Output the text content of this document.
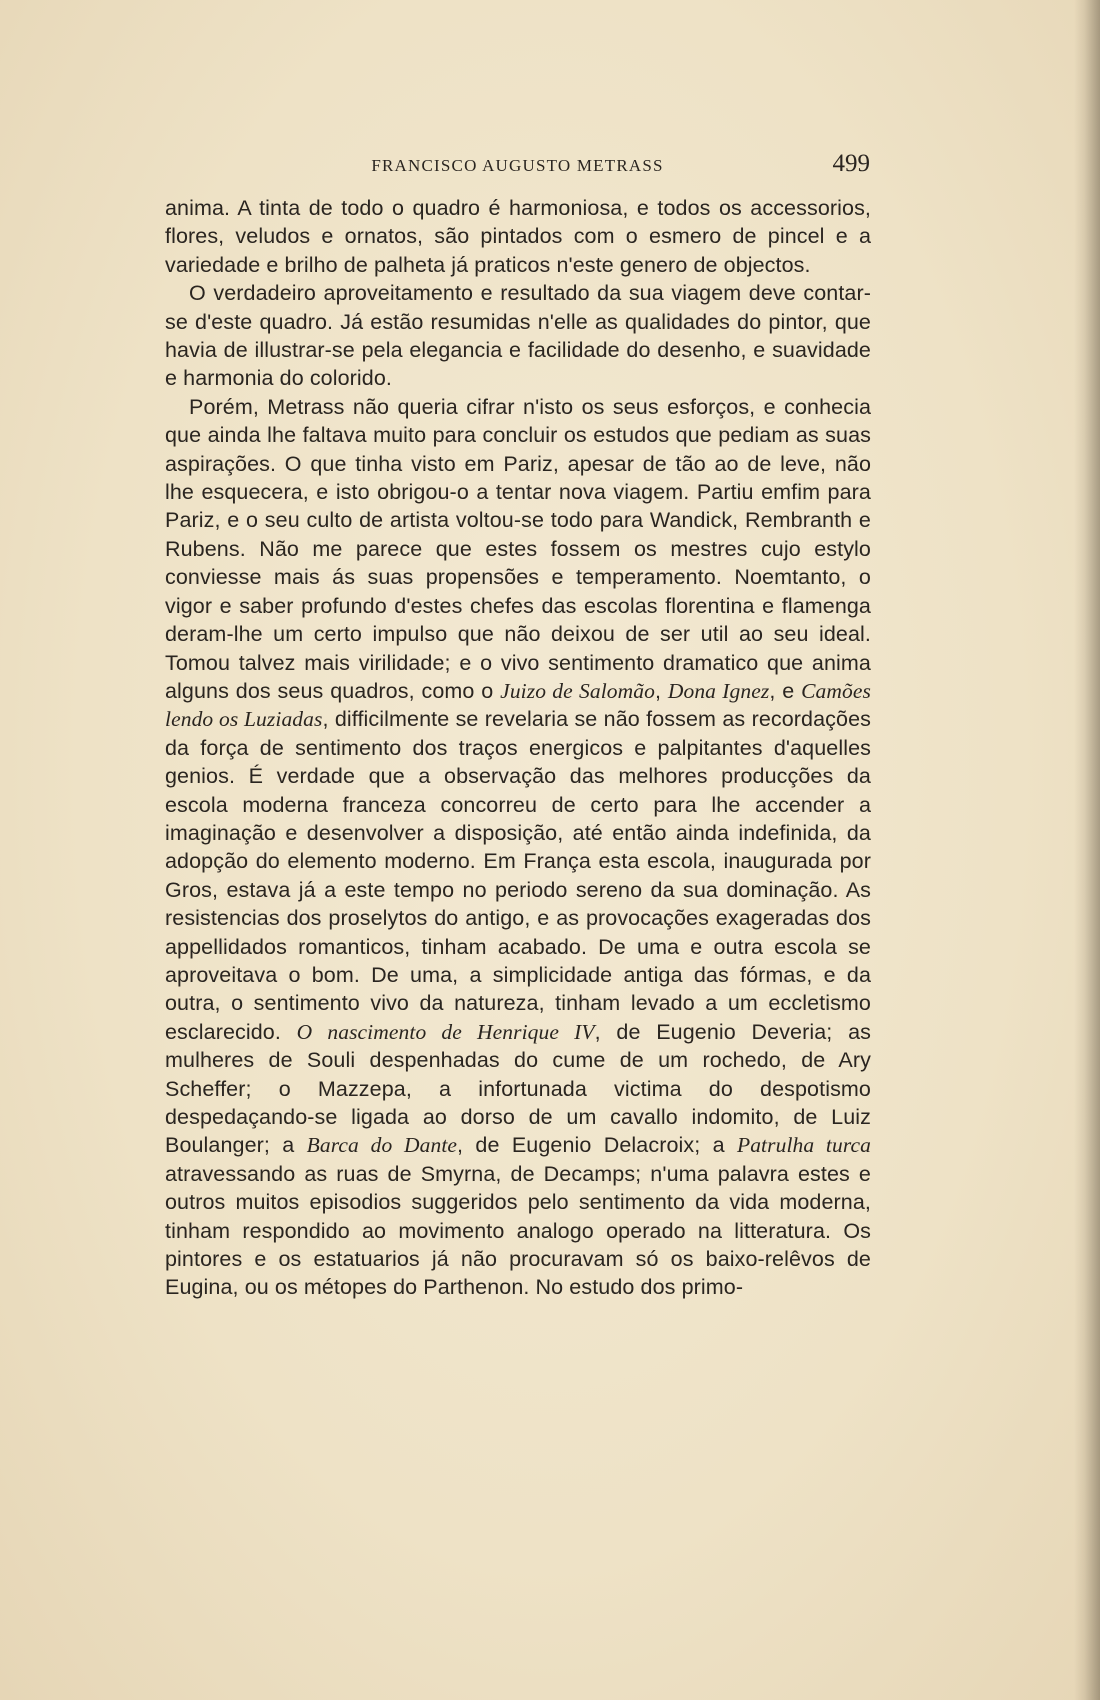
FRANCISCO AUGUSTO METRASS	499

anima. A tinta de todo o quadro é harmoniosa, e todos os accessorios, flores, veludos e ornatos, são pintados com o esmero de pincel e a variedade e brilho de palheta já praticos n'este genero de objectos.

O verdadeiro aproveitamento e resultado da sua viagem deve contar-se d'este quadro. Já estão resumidas n'elle as qualidades do pintor, que havia de illustrar-se pela elegancia e facilidade do desenho, e suavidade e harmonia do colorido.

Porém, Metrass não queria cifrar n'isto os seus esforços, e conhecia que ainda lhe faltava muito para concluir os estudos que pediam as suas aspirações. O que tinha visto em Pariz, apesar de tão ao de leve, não lhe esquecera, e isto obrigou-o a tentar nova viagem. Partiu emfim para Pariz, e o seu culto de artista voltou-se todo para Wandick, Rembranth e Rubens. Não me parece que estes fossem os mestres cujo estylo conviesse mais ás suas propensões e temperamento. Noemtanto, o vigor e saber profundo d'estes chefes das escolas florentina e flamenga deram-lhe um certo impulso que não deixou de ser util ao seu ideal. Tomou talvez mais virilidade; e o vivo sentimento dramatico que anima alguns dos seus quadros, como o Juizo de Salomão, Dona Ignez, e Camões lendo os Luziadas, difficilmente se revelaria se não fossem as recordações da força de sentimento dos traços energicos e palpitantes d'aquelles genios. É verdade que a observação das melhores producções da escola moderna franceza concorreu de certo para lhe accender a imaginação e desenvolver a disposição, até então ainda indefinida, da adopção do elemento moderno. Em França esta escola, inaugurada por Gros, estava já a este tempo no periodo sereno da sua dominação. As resistencias dos proselytos do antigo, e as provocações exageradas dos appellidados romanticos, tinham acabado. De uma e outra escola se aproveitava o bom. De uma, a simplicidade antiga das fórmas, e da outra, o sentimento vivo da natureza, tinham levado a um eccletismo esclarecido. O nascimento de Henrique IV, de Eugenio Deveria; as mulheres de Souli despenhadas do cume de um rochedo, de Ary Scheffer; o Mazzepa, a infortunada victima do despotismo despedaçando-se ligada ao dorso de um cavallo indomito, de Luiz Boulanger; a Barca do Dante, de Eugenio Delacroix; a Patrulha turca atravessando as ruas de Smyrna, de Decamps; n'uma palavra estes e outros muitos episodios suggeridos pelo sentimento da vida moderna, tinham respondido ao movimento analogo operado na litteratura. Os pintores e os estatuarios já não procuravam só os baixo-relêvos de Eugina, ou os métopes do Parthenon. No estudo dos primo-
